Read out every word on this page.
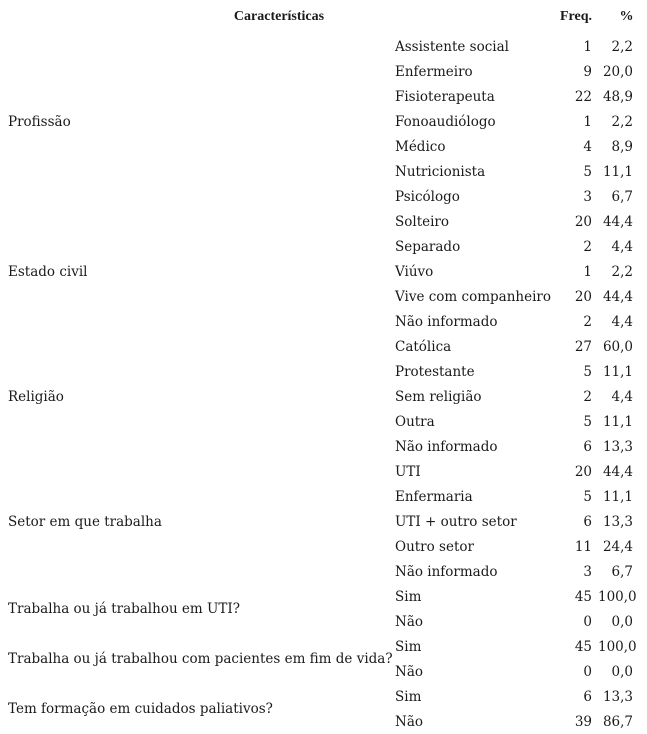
Características		Freq.	%
Profissão	Assistente social	1	2,2
	Enfermeiro	9	20,0
	Fisioterapeuta	22	48,9
	Fonoaudiólogo	1	2,2
	Médico	4	8,9
	Nutricionista	5	11,1
	Psicólogo	3	6,7
Estado civil	Solteiro	20	44,4
	Separado	2	4,4
	Viúvo	1	2,2
	Vive com companheiro	20	44,4
	Não informado	2	4,4
Religião	Católica	27	60,0
	Protestante	5	11,1
	Sem religião	2	4,4
	Outra	5	11,1
	Não informado	6	13,3
Setor em que trabalha	UTI	20	44,4
	Enfermaria	5	11,1
	UTI + outro setor	6	13,3
	Outro setor	11	24,4
	Não informado	3	6,7
Trabalha ou já trabalhou em UTI?	Sim	45	100,0
	Não	0	0,0
Trabalha ou já trabalhou com pacientes em fim de vida?	Sim	45	100,0
	Não	0	0,0
Tem formação em cuidados paliativos?	Sim	6	13,3
	Não	39	86,7
